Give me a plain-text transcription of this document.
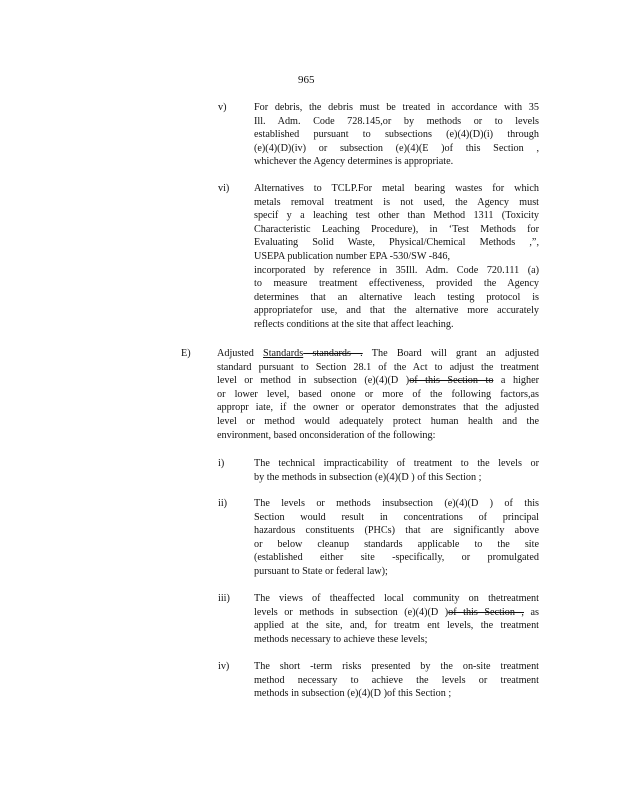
965
v)	For debris, the debris must be treated in accordance with 35
Ill. Adm. Code 728.145,or by methods or to levels
established pursuant to subsections (e)(4)(D)(i) through
(e)(4)(D)(iv) or subsection (e)(4)(E )of this Section ,
whichever the Agency determines is appropriate.
vi) Alternatives to TCLP.For metal bearing wastes for which
metals removal treatment is not used, the Agency must
specif y a leaching test other than Method 1311 (Toxicity
Characteristic Leaching Procedure), in ‘Test Methods for
Evaluating Solid Waste, Physical/Chemical Methods ,”,
USEPA publication number EPA -530/SW -846,
incorporated by reference in 35Ill. Adm. Code 720.111 (a)
to measure treatment effectiveness, provided the Agency
determines that an alternative leach testing protocol is
appropriatefor use, and that the alternative more accurately
reflects conditions at the site that affect leaching.
E)	Adjusted Standards standards . The Board will grant an adjusted
standard pursuant to Section 28.1 of the Act to adjust the treatment
level or method in subsection (e)(4)(D )of this Section to a higher
or lower level, based onone or more of the following factors,as
appropr iate, if the owner or operator demonstrates that the adjusted
level or method would adequately protect human health and the
environment, based onconsideration of the following:
i)	The technical impracticability of treatment to the levels or
by the methods in subsection (e)(4)(D ) of this Section ;
ii)	The levels or methods insubsection (e)(4)(D ) of this
Section would result in concentrations of principal
hazardous constituents (PHCs) that are significantly above
or below cleanup standards applicable to the site
(established either site -specifically, or promulgated
pursuant to State or federal law);
iii) The views of theaffected local community on thetreatment
levels or methods in subsection (e)(4)(D )of this Section , as
applied at the site, and, for treatm ent levels, the treatment
methods necessary to achieve these levels;
iv) The short -term risks presented by the on-site treatment
method necessary to achieve the levels or treatment
methods in subsection (e)(4)(D )of this Section ;
